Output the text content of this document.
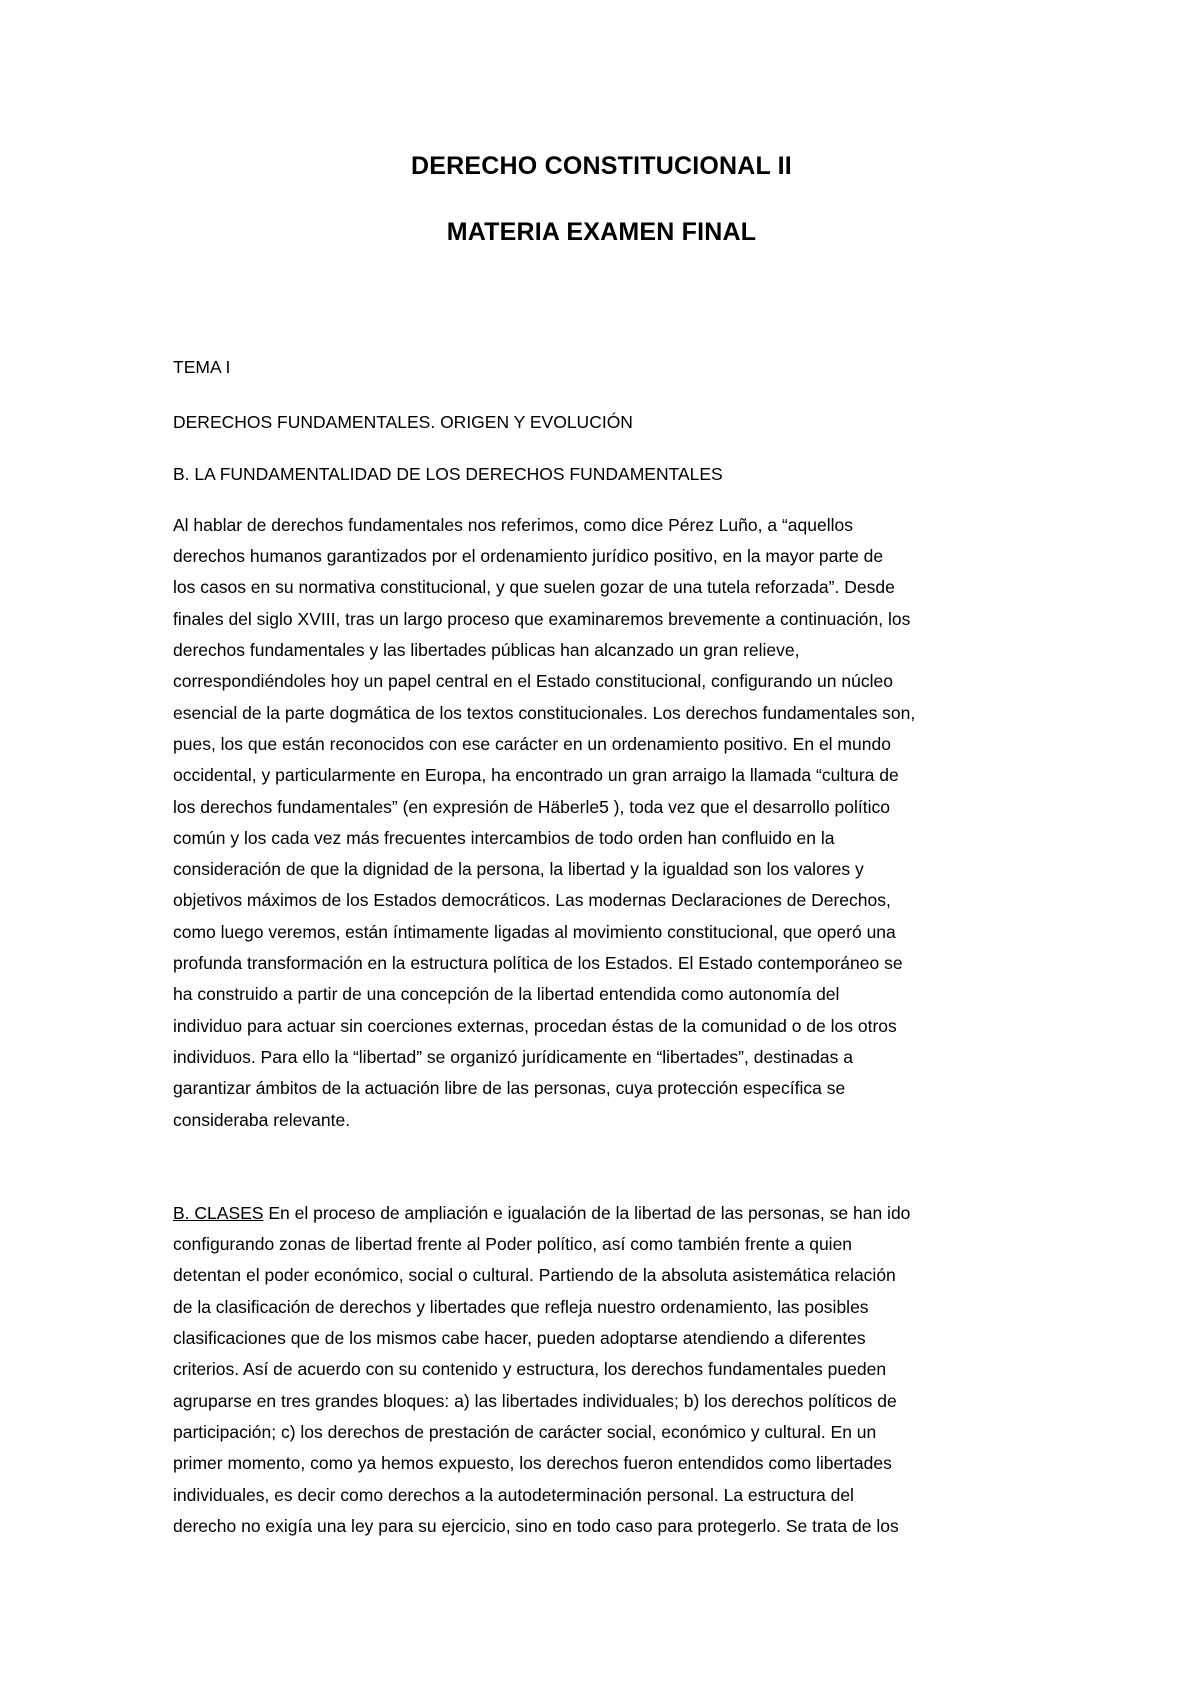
DERECHO CONSTITUCIONAL II
MATERIA EXAMEN FINAL

TEMA I

DERECHOS FUNDAMENTALES. ORIGEN Y EVOLUCIÓN

B. LA FUNDAMENTALIDAD DE LOS DERECHOS FUNDAMENTALES

Al hablar de derechos fundamentales nos referimos, como dice Pérez Luño, a “aquellos
derechos humanos garantizados por el ordenamiento jurídico positivo, en la mayor parte de
los casos en su normativa constitucional, y que suelen gozar de una tutela reforzada”. Desde
finales del siglo XVIII, tras un largo proceso que examinaremos brevemente a continuación, los
derechos fundamentales y las libertades públicas han alcanzado un gran relieve,
correspondiéndoles hoy un papel central en el Estado constitucional, configurando un núcleo
esencial de la parte dogmática de los textos constitucionales. Los derechos fundamentales son,
pues, los que están reconocidos con ese carácter en un ordenamiento positivo. En el mundo
occidental, y particularmente en Europa, ha encontrado un gran arraigo la llamada “cultura de
los derechos fundamentales” (en expresión de Häberle5 ), toda vez que el desarrollo político
común y los cada vez más frecuentes intercambios de todo orden han confluido en la
consideración de que la dignidad de la persona, la libertad y la igualdad son los valores y
objetivos máximos de los Estados democráticos. Las modernas Declaraciones de Derechos,
como luego veremos, están íntimamente ligadas al movimiento constitucional, que operó una
profunda transformación en la estructura política de los Estados. El Estado contemporáneo se
ha construido a partir de una concepción de la libertad entendida como autonomía del
individuo para actuar sin coerciones externas, procedan éstas de la comunidad o de los otros
individuos. Para ello la “libertad” se organizó jurídicamente en “libertades”, destinadas a
garantizar ámbitos de la actuación libre de las personas, cuya protección específica se
consideraba relevante.
B. CLASES En el proceso de ampliación e igualación de la libertad de las personas, se han ido
configurando zonas de libertad frente al Poder político, así como también frente a quien
detentan el poder económico, social o cultural. Partiendo de la absoluta asistemática relación
de la clasificación de derechos y libertades que refleja nuestro ordenamiento, las posibles
clasificaciones que de los mismos cabe hacer, pueden adoptarse atendiendo a diferentes
criterios. Así de acuerdo con su contenido y estructura, los derechos fundamentales pueden
agruparse en tres grandes bloques: a) las libertades individuales; b) los derechos políticos de
participación; c) los derechos de prestación de carácter social, económico y cultural. En un
primer momento, como ya hemos expuesto, los derechos fueron entendidos como libertades
individuales, es decir como derechos a la autodeterminación personal. La estructura del
derecho no exigía una ley para su ejercicio, sino en todo caso para protegerlo. Se trata de los
